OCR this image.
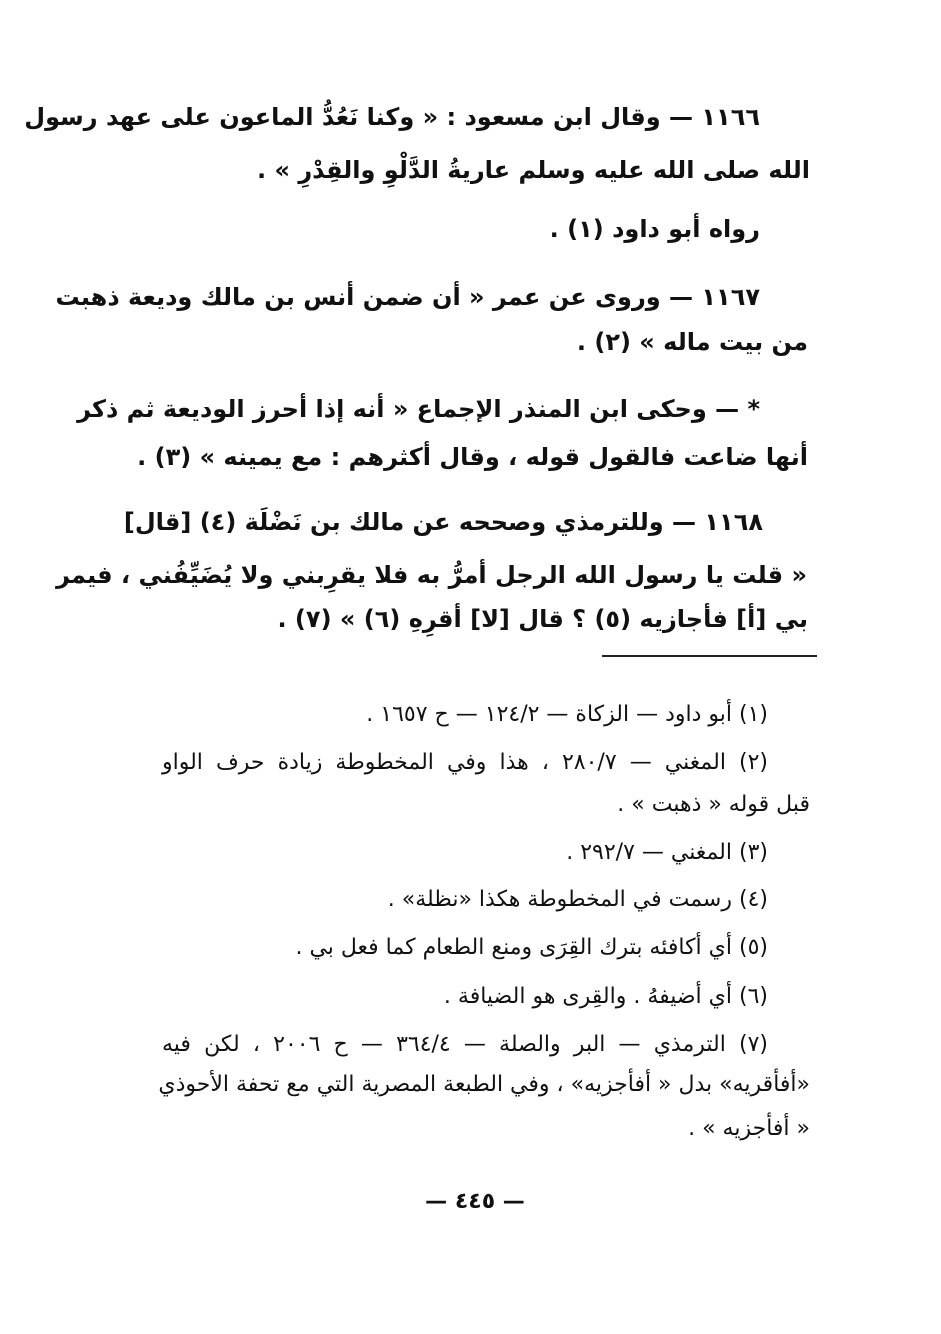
١١٦٦ — وقال ابن مسعود : « وكنا نَعُدُّ الماعون على عهد رسول
الله صلى الله عليه وسلم عاريةُ الدَّلْوِ والقِدْرِ » .
رواه أبو داود (١) .
١١٦٧ — وروى عن عمر « أن ضمن أنس بن مالك وديعة ذهبت
من بيت ماله » (٢) .
* — وحكى ابن المنذر الإجماع « أنه إذا أحرز الوديعة ثم ذكر
أنها ضاعت فالقول قوله ، وقال أكثرهم : مع يمينه » (٣) .
١١٦٨ — وللترمذي وصححه عن مالك بن نَضْلَة (٤) [قال]
« قلت يا رسول الله الرجل أمرُّ به فلا يقرِبني ولا يُضَيِّفُني ، فيمر
بي [أ] فأجازيه (٥) ؟ قال [لا] أقرِهِ (٦) » (٧) .
(١) أبو داود — الزكاة — ١٢٤/٢ — ح ١٦٥٧ .
(٢) المغني — ٢٨٠/٧ ، هذا وفي المخطوطة زيادة حرف الواو
قبل قوله « ذهبت » .
(٣) المغني — ٢٩٢/٧ .
(٤) رسمت في المخطوطة هكذا «نظلة» .
(٥) أي أكافئه بترك القِرَى ومنع الطعام كما فعل بي .
(٦) أي أضيفهُ . والقِرى هو الضيافة .
(٧) الترمذي — البر والصلة — ٣٦٤/٤ — ح ٢٠٠٦ ، لكن فيه
«أفأقريه» بدل « أفأجزيه» ، وفي الطبعة المصرية التي مع تحفة الأحوذي
« أفأجزيه » .
— ٤٤٥ —
